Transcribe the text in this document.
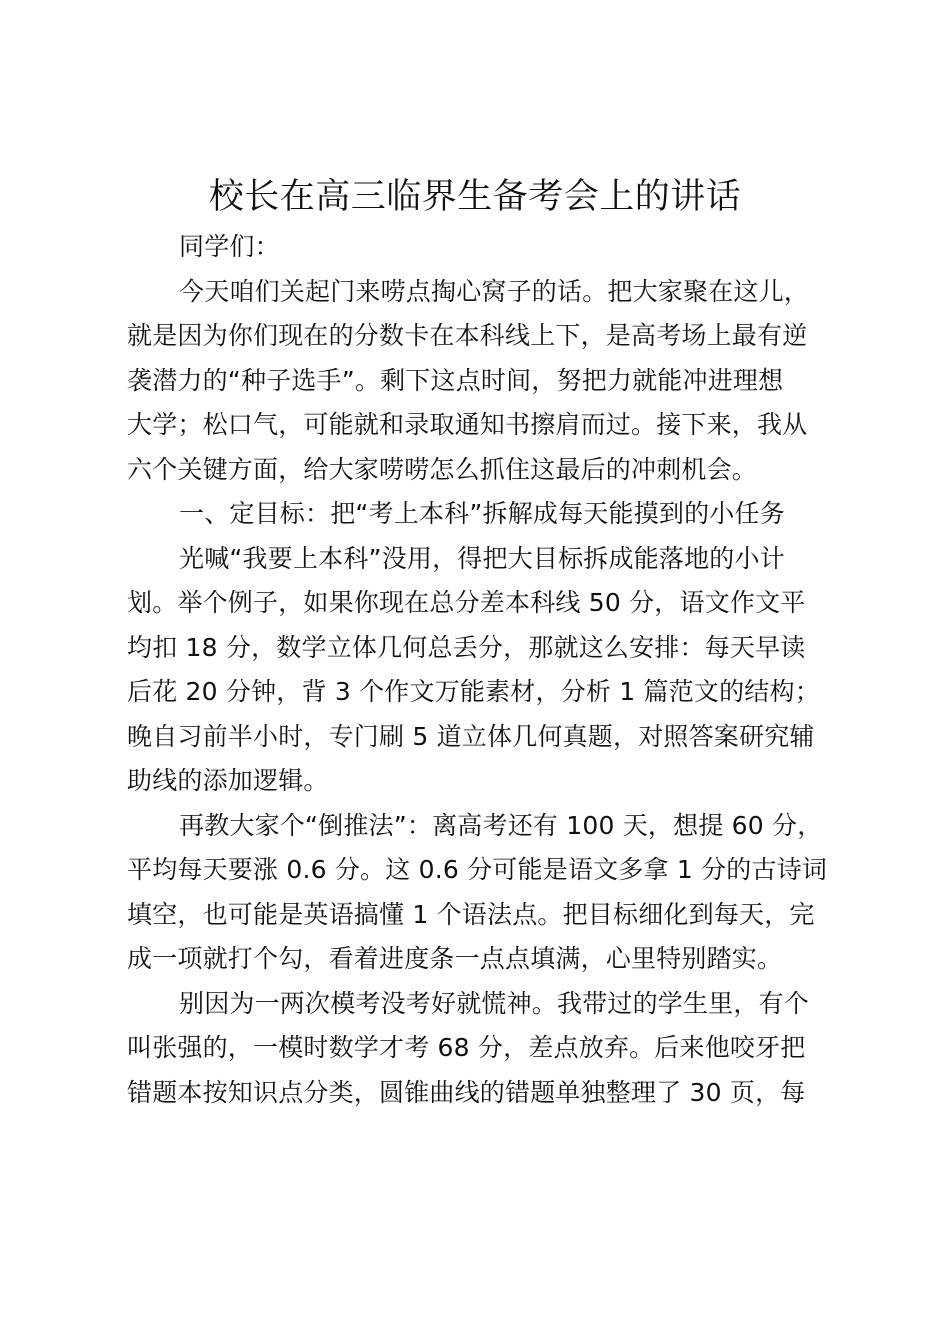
校长在高三临界生备考会上的讲话
同学们：
今天咱们关起门来唠点掏心窝子的话。把大家聚在这儿，
就是因为你们现在的分数卡在本科线上下，是高考场上最有逆
袭潜力的“种子选手”。剩下这点时间，努把力就能冲进理想
大学；松口气，可能就和录取通知书擦肩而过。接下来，我从
六个关键方面，给大家唠唠怎么抓住这最后的冲刺机会。
一、定目标：把“考上本科”拆解成每天能摸到的小任务
光喊“我要上本科”没用，得把大目标拆成能落地的小计
划。举个例子，如果你现在总分差本科线 50 分，语文作文平
均扣 18 分，数学立体几何总丢分，那就这么安排：每天早读
后花 20 分钟，背 3 个作文万能素材，分析 1 篇范文的结构；
晚自习前半小时，专门刷 5 道立体几何真题，对照答案研究辅
助线的添加逻辑。
再教大家个“倒推法”：离高考还有 100 天，想提 60 分，
平均每天要涨 0.6 分。这 0.6 分可能是语文多拿 1 分的古诗词
填空，也可能是英语搞懂 1 个语法点。把目标细化到每天，完
成一项就打个勾，看着进度条一点点填满，心里特别踏实。
别因为一两次模考没考好就慌神。我带过的学生里，有个
叫张强的，一模时数学才考 68 分，差点放弃。后来他咬牙把
错题本按知识点分类，圆锥曲线的错题单独整理了 30 页，每
